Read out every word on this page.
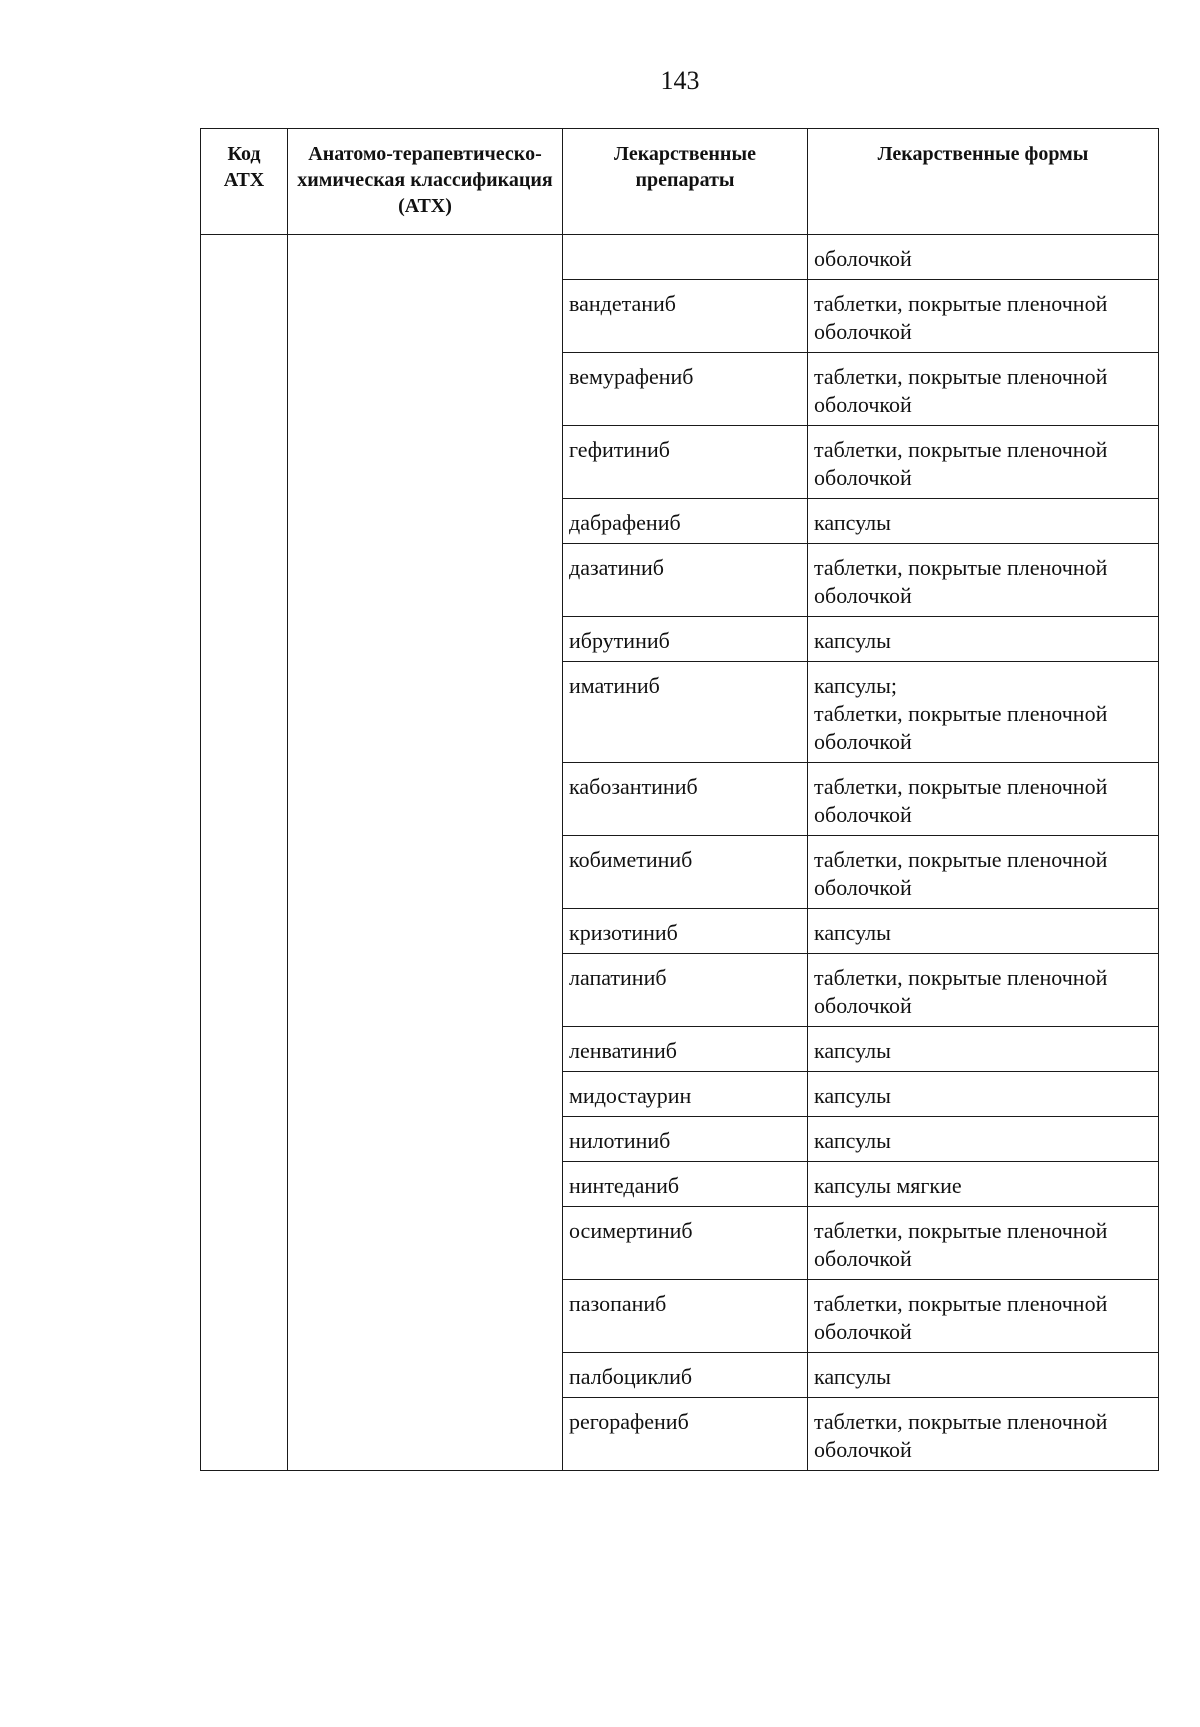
143
Код АТХ	Анатомо-терапевтическо-химическая классификация (АТХ)	Лекарственные препараты	Лекарственные формы

			оболочкой

		вандетаниб	таблетки, покрытые пленочной оболочкой

		вемурафениб	таблетки, покрытые пленочной оболочкой

		гефитиниб	таблетки, покрытые пленочной оболочкой

		дабрафениб	капсулы

		дазатиниб	таблетки, покрытые пленочной оболочкой

		ибрутиниб	капсулы

		иматиниб	капсулы;
таблетки, покрытые пленочной оболочкой

		кабозантиниб	таблетки, покрытые пленочной оболочкой

		кобиметиниб	таблетки, покрытые пленочной оболочкой

		кризотиниб	капсулы

		лапатиниб	таблетки, покрытые пленочной оболочкой

		ленватиниб	капсулы

		мидостаурин	капсулы

		нилотиниб	капсулы

		нинтеданиб	капсулы мягкие

		осимертиниб	таблетки, покрытые пленочной оболочкой

		пазопаниб	таблетки, покрытые пленочной оболочкой

		палбоциклиб	капсулы

		регорафениб	таблетки, покрытые пленочной оболочкой
